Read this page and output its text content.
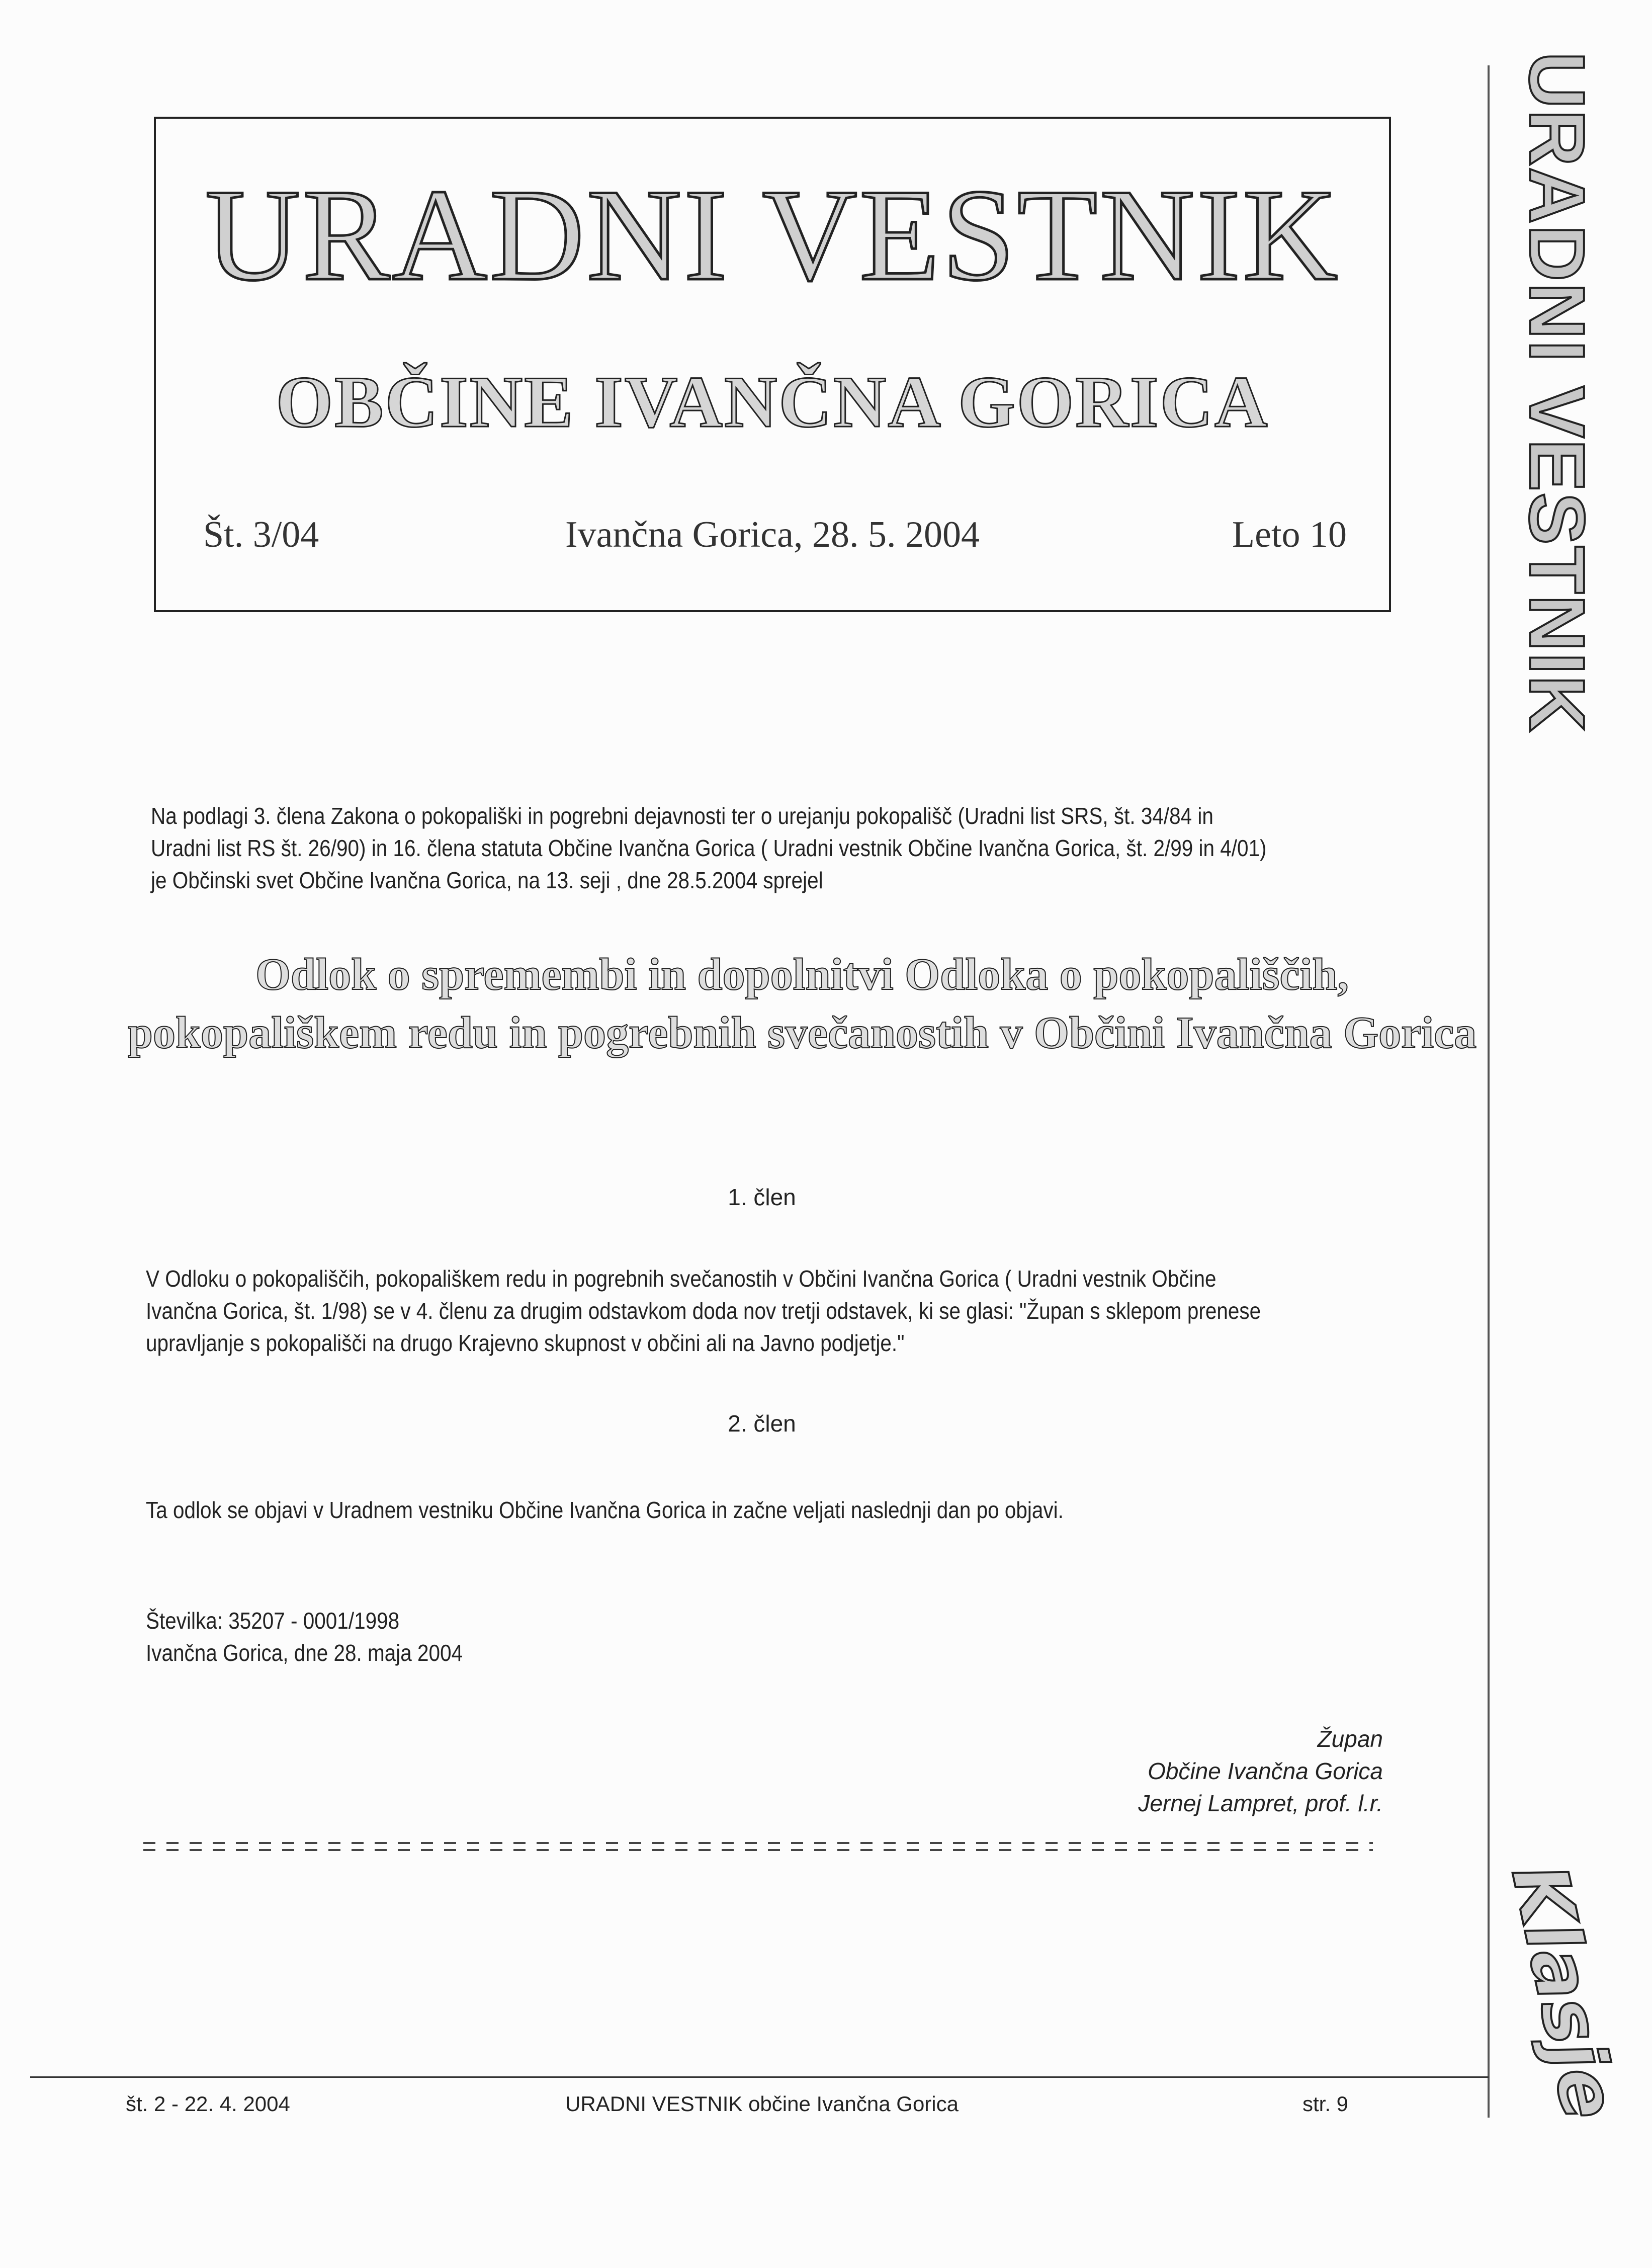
URADNI VESTNIK
OBČINE IVANČNA GORICA
Št. 3/04	Ivančna Gorica, 28. 5. 2004	Leto 10 URADNI VESTNIK
Klasje
Na podlagi 3. člena Zakona o pokopališki in pogrebni dejavnosti ter o urejanju pokopališč (Uradni list SRS, št. 34/84 in Uradni list RS št. 26/90) in 16. člena statuta Občine Ivančna Gorica ( Uradni vestnik Občine Ivančna Gorica, št. 2/99 in 4/01) je Občinski svet Občine Ivančna Gorica, na 13. seji , dne 28.5.2004 sprejel
Odlok o spremembi in dopolnitvi Odloka o pokopališčih, pokopališkem redu in pogrebnih svečanostih v Občini Ivančna Gorica
1. člen
V Odloku o pokopališčih, pokopališkem redu in pogrebnih svečanostih v Občini Ivančna Gorica ( Uradni vestnik Občine Ivančna Gorica, št. 1/98) se v 4. členu za drugim odstavkom doda nov tretji odstavek, ki se glasi: "Župan s sklepom prenese upravljanje s pokopališči na drugo Krajevno skupnost v občini ali na Javno podjetje."
2. člen
Ta odlok se objavi v Uradnem vestniku Občine Ivančna Gorica in začne veljati naslednji dan po objavi.
Številka: 35207 - 0001/1998
Ivančna Gorica, dne 28. maja 2004
Župan
Občine Ivančna Gorica
Jernej Lampret, prof. l.r.
št. 2 - 22. 4. 2004	URADNI VESTNIK občine Ivančna Gorica	str. 9
